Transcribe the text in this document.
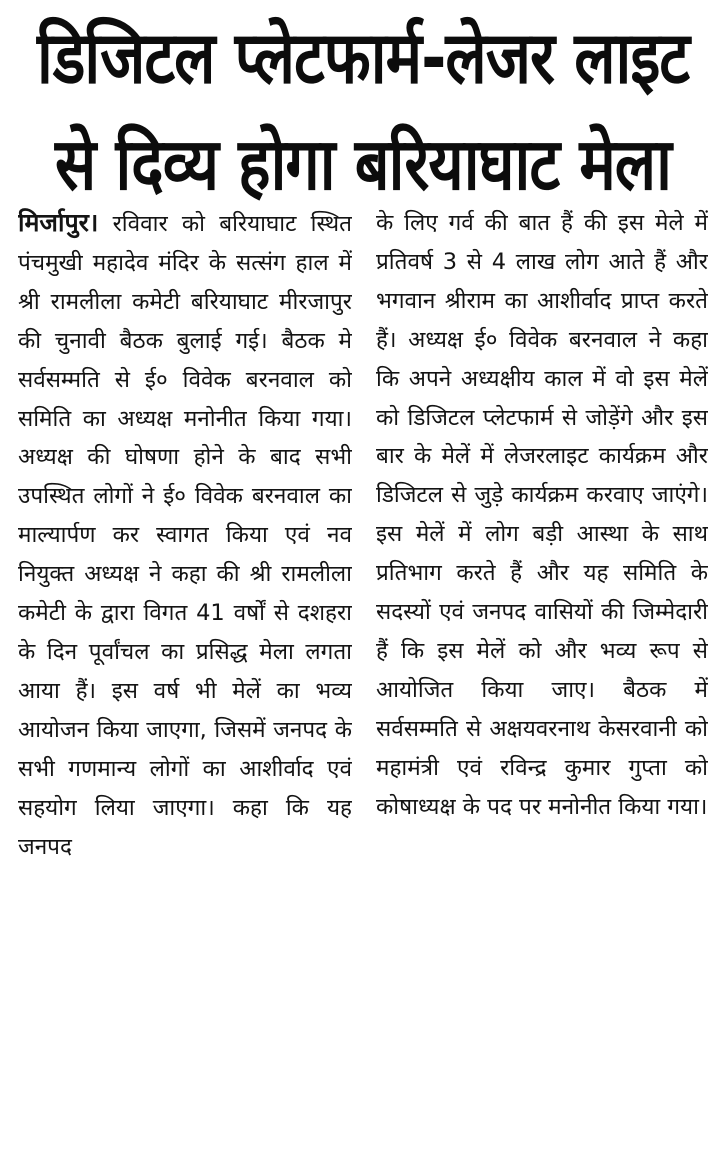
डिजिटल प्लेटफार्म-लेजर लाइट
से दिव्य होगा बरियाघाट मेला

मिर्जापुर। रविवार को बरियाघाट स्थित पंचमुखी महादेव मंदिर के सत्संग हाल में श्री रामलीला कमेटी बरियाघाट मीरजापुर की चुनावी बैठक बुलाई गई। बैठक मे सर्वसम्मति से ई० विवेक बरनवाल को समिति का अध्यक्ष मनोनीत किया गया। अध्यक्ष की घोषणा होने के बाद सभी उपस्थित लोगों ने ई० विवेक बरनवाल का माल्यार्पण कर स्वागत किया एवं नव नियुक्त अध्यक्ष ने कहा की श्री रामलीला कमेटी के द्वारा विगत 41 वर्षों से दशहरा के दिन पूर्वांचल का प्रसिद्ध मेला लगता आया हैं। इस वर्ष भी मेलें का भव्य आयोजन किया जाएगा, जिसमें जनपद के सभी गणमान्य लोगों का आशीर्वाद एवं सहयोग लिया जाएगा। कहा कि यह जनपद

के लिए गर्व की बात हैं की इस मेले में प्रतिवर्ष 3 से 4 लाख लोग आते हैं और भगवान श्रीराम का आशीर्वाद प्राप्त करते हैं। अध्यक्ष ई० विवेक बरनवाल ने कहा कि अपने अध्यक्षीय काल में वो इस मेलें को डिजिटल प्लेटफार्म से जोड़ेंगे और इस बार के मेलें में लेजरलाइट कार्यक्रम और डिजिटल से जुड़े कार्यक्रम करवाए जाएंगे। इस मेलें में लोग बड़ी आस्था के साथ प्रतिभाग करते हैं और यह समिति के सदस्यों एवं जनपद वासियों की जिम्मेदारी हैं कि इस मेलें को और भव्य रूप से आयोजित किया जाए। बैठक में सर्वसम्मति से अक्षयवरनाथ केसरवानी को महामंत्री एवं रविन्द्र कुमार गुप्ता को कोषाध्यक्ष के पद पर मनोनीत किया गया।
